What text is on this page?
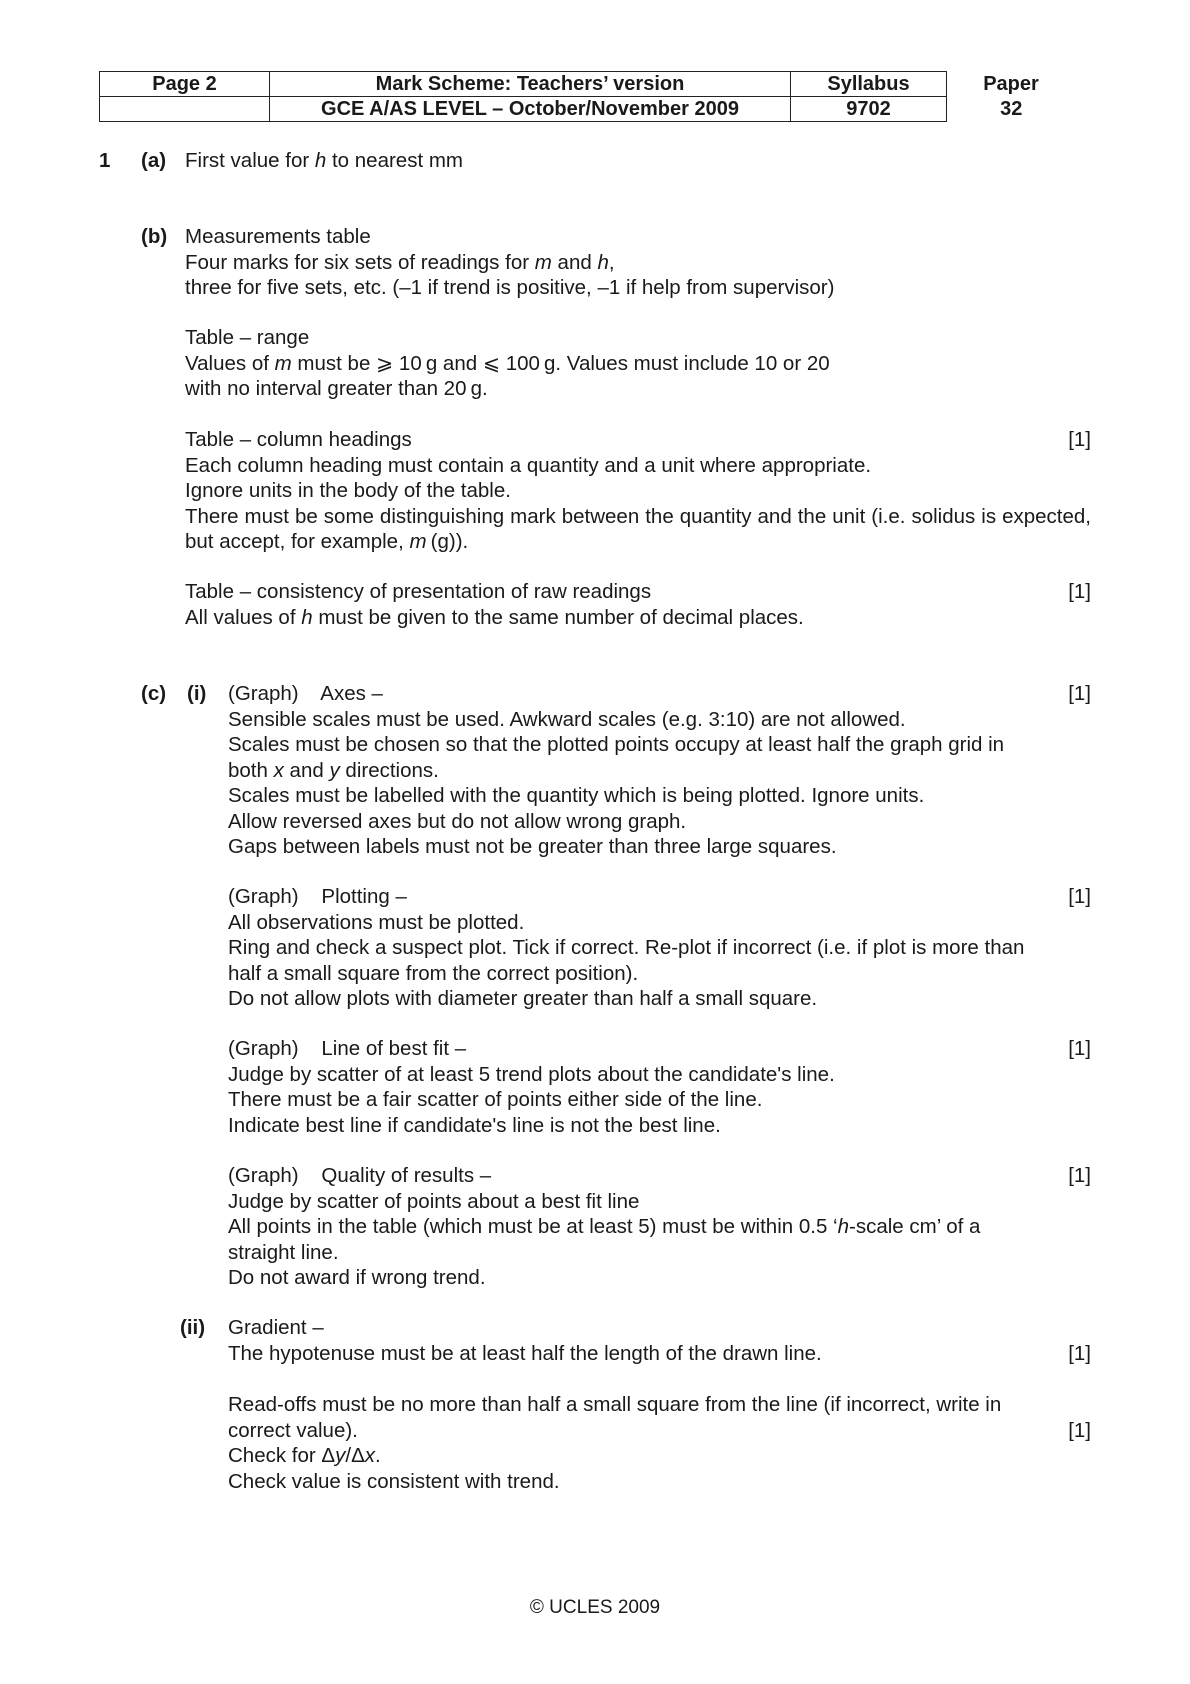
Page 2	Mark Scheme: Teachers’ version	Syllabus	Paper
	GCE A/AS LEVEL – October/November 2009	9702	32
1 (a) First value for h to nearest mm
(b) Measurements table
Four marks for six sets of readings for m and h,
three for five sets, etc. (–1 if trend is positive, –1 if help from supervisor)
Table – range
Values of m must be ⩾ 10 g and ⩽ 100 g. Values must include 10 or 20
with no interval greater than 20 g.
Table – column headings	[1]
Each column heading must contain a quantity and a unit where appropriate.
Ignore units in the body of the table.
There must be some distinguishing mark between the quantity and the unit (i.e. solidus is expected, but accept, for example, m (g)).
Table – consistency of presentation of raw readings	[1]
All values of h must be given to the same number of decimal places.
(c) (i) (Graph)    Axes –	[1]
Sensible scales must be used. Awkward scales (e.g. 3:10) are not allowed.
Scales must be chosen so that the plotted points occupy at least half the graph grid in
both x and y directions.
Scales must be labelled with the quantity which is being plotted. Ignore units.
Allow reversed axes but do not allow wrong graph.
Gaps between labels must not be greater than three large squares.
(Graph)    Plotting –	[1]
All observations must be plotted.
Ring and check a suspect plot. Tick if correct. Re-plot if incorrect (i.e. if plot is more than
half a small square from the correct position).
Do not allow plots with diameter greater than half a small square.
(Graph)    Line of best fit –	[1]
Judge by scatter of at least 5 trend plots about the candidate's line.
There must be a fair scatter of points either side of the line.
Indicate best line if candidate's line is not the best line.
(Graph)    Quality of results –	[1]
Judge by scatter of points about a best fit line
All points in the table (which must be at least 5) must be within 0.5 ‘h-scale cm’ of a
straight line.
Do not award if wrong trend.
(ii) Gradient –
The hypotenuse must be at least half the length of the drawn line.	[1]
Read-offs must be no more than half a small square from the line (if incorrect, write in
correct value).	[1]
Check for Δy/Δx.
Check value is consistent with trend.
© UCLES 2009
